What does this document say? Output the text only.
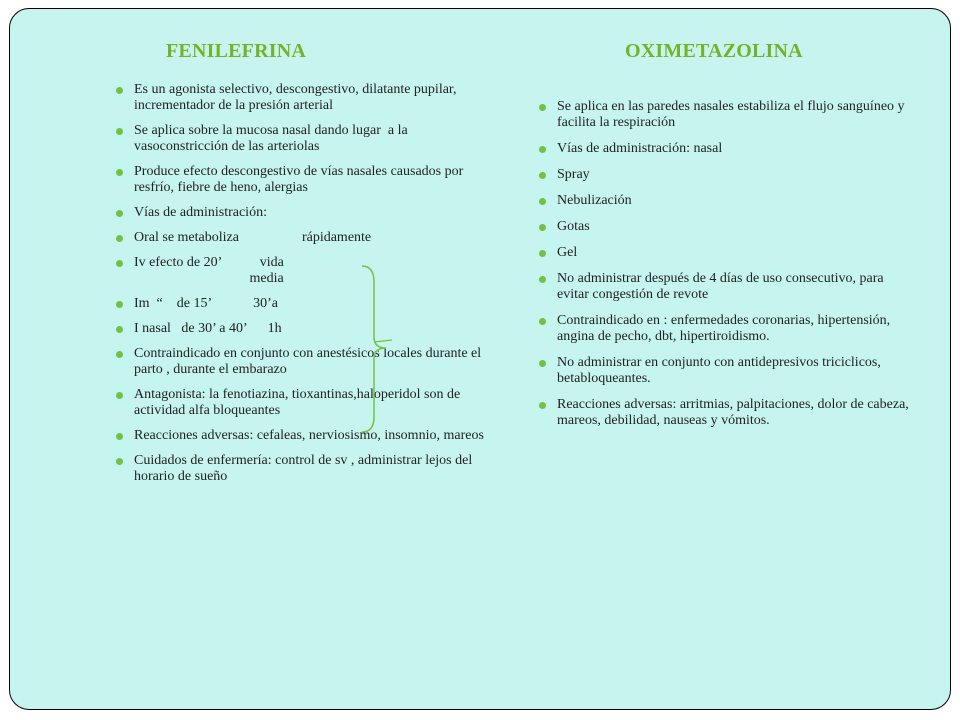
FENILEFRINA	OXIMETAZOLINA
Es un agonista selectivo, descongestivo, dilatante pupilar, incrementador de la presión arterial
Se aplica sobre la mucosa nasal dando lugar  a la vasoconstricción de las arteriolas
Produce efecto descongestivo de vías nasales causados por resfrío, fiebre de heno, alergias
Vías de administración:
Oral se metaboliza                  rápidamente
Iv efecto de 20’           vida
media
Im  “    de 15’            30’a
I nasal   de 30’ a 40’      1h
Contraindicado en conjunto con anestésicos locales durante el parto , durante el embarazo
Antagonista: la fenotiazina, tioxantinas,haloperidol son de actividad alfa bloqueantes
Reacciones adversas: cefaleas, nerviosismo, insomnio, mareos
Cuidados de enfermería: control de sv , administrar lejos del horario de sueño
Se aplica en las paredes nasales estabiliza el flujo sanguíneo y facilita la respiración
Vías de administración: nasal
Spray
Nebulización
Gotas
Gel
No administrar después de 4 días de uso consecutivo, para evitar congestión de revote
Contraindicado en : enfermedades coronarias, hipertensión, angina de pecho, dbt, hipertiroidismo.
No administrar en conjunto con antidepresivos triciclicos, betabloqueantes.
Reacciones adversas: arritmias, palpitaciones, dolor de cabeza, mareos, debilidad, nauseas y vómitos.
